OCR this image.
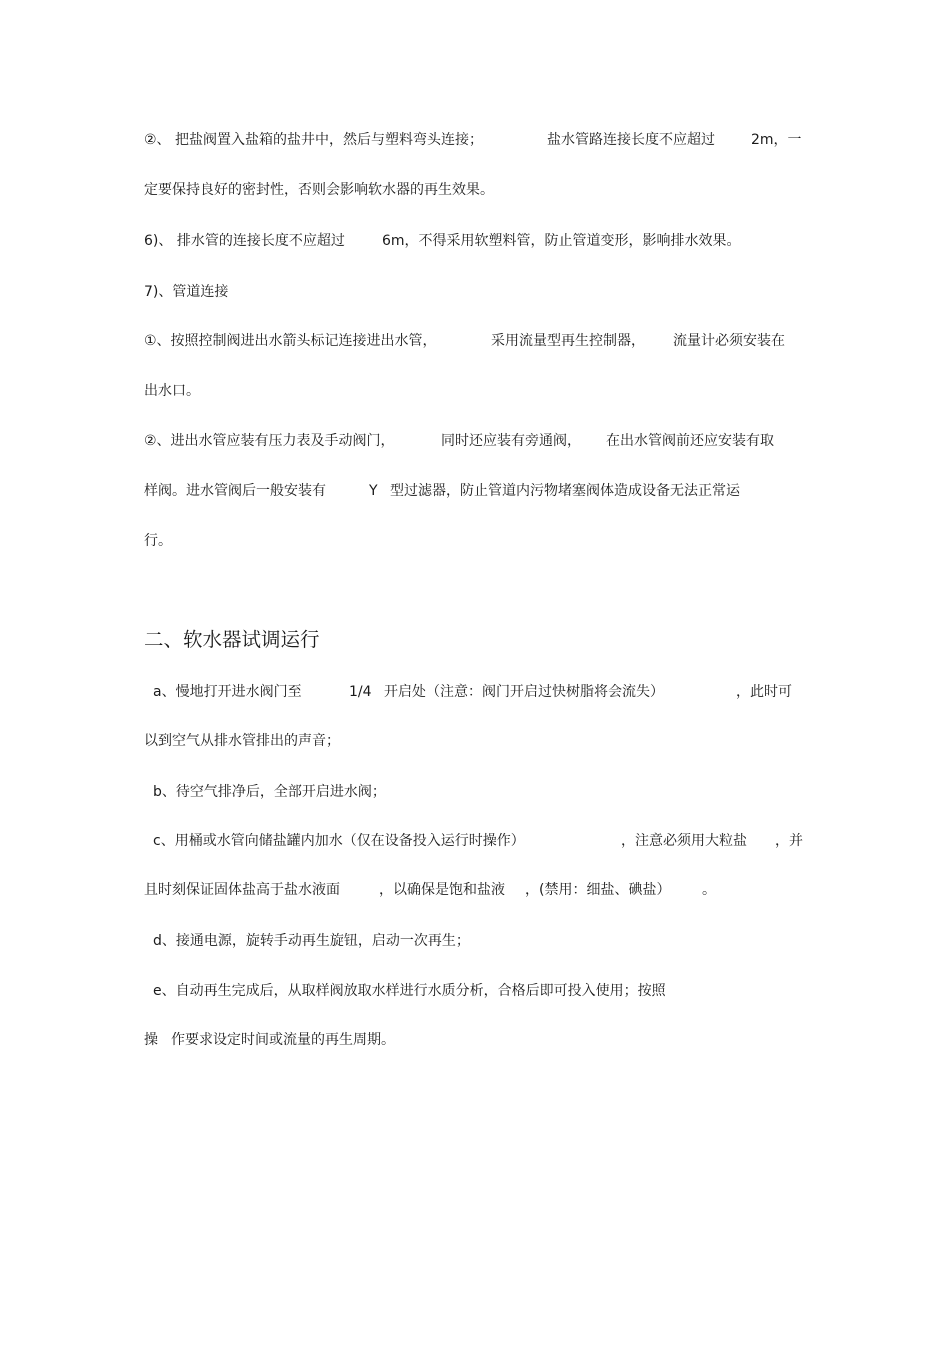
②、 把盐阀置入盐箱的盐井中，然后与塑料弯头连接；	盐水管路连接长度不应超过	2m，一
定要保持良好的密封性，否则会影响软水器的再生效果。
6)、 排水管的连接长度不应超过	6m，不得采用软塑料管，防止管道变形，影响排水效果。
7)、管道连接
①、按照控制阀进出水箭头标记连接进出水管，	采用流量型再生控制器， 流量计必须安装在
出水口。
②、进出水管应装有压力表及手动阀门，	同时还应装有旁通阀， 在出水管阀前还应安装有取
样阀。进水管阀后一般安装有	Y 型过滤器，防止管道内污物堵塞阀体造成设备无法正常运
行。
二、软水器试调运行
a、慢地打开进水阀门至	1/4 开启处（注意：阀门开启过快树脂将会流失）	，此时可
以到空气从排水管排出的声音；
b、待空气排净后，全部开启进水阀；
c、用桶或水管向储盐罐内加水（仅在设备投入运行时操作）	，注意必须用大粒盐 ，并
且时刻保证固体盐高于盐水液面	，以确保是饱和盐液 ，(禁用：细盐、碘盐） 。
d、接通电源，旋转手动再生旋钮，启动一次再生；
e、自动再生完成后，从取样阀放取水样进行水质分析，合格后即可投入使用；按照
操 作要求设定时间或流量的再生周期。
